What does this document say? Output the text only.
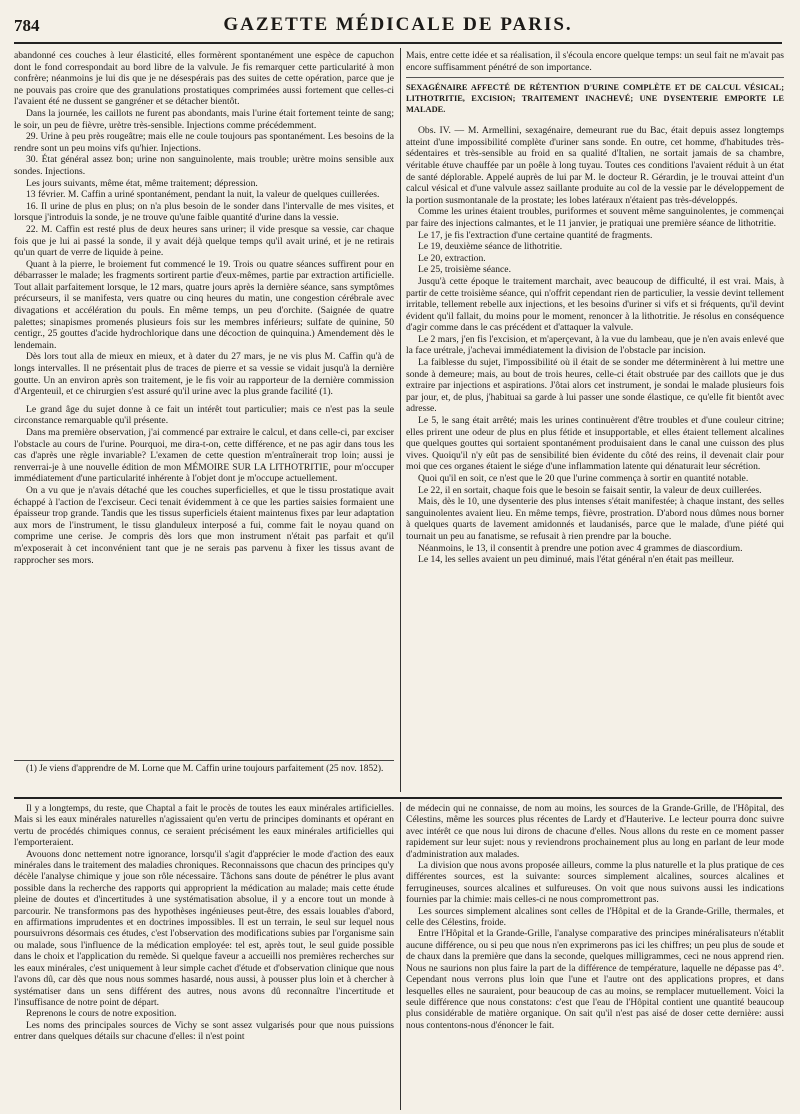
784	GAZETTE MÉDICALE DE PARIS.

abandonné ces couches à leur élasticité, elles formèrent spontanément une espèce de capuchon dont le fond correspondait au bord libre de la valvule. Je fis remarquer cette particularité à mon confrère; néanmoins je lui dis que je ne désespérais pas des suites de cette opération, parce que je ne pouvais pas croire que des granulations prostatiques comprimées aussi fortement que celles-ci l'avaient été ne dussent se gangréner et se détacher bientôt.

Dans la journée, les caillots ne furent pas abondants, mais l'urine était fortement teinte de sang; le soir, un peu de fièvre, urètre très-sensible. Injections comme précédemment.

29. Urine à peu près rougeâtre; mais elle ne coule toujours pas spontanément. Les besoins de la rendre sont un peu moins vifs qu'hier. Injections.

30. État général assez bon; urine non sanguinolente, mais trouble; urètre moins sensible aux sondes. Injections.

Les jours suivants, même état, même traitement; dépression.

13 février. M. Caffin a uriné spontanément, pendant la nuit, la valeur de quelques cuillerées.

16. Il urine de plus en plus; on n'a plus besoin de le sonder dans l'intervalle de mes visites, et lorsque j'introduis la sonde, je ne trouve qu'une faible quantité d'urine dans la vessie.

22. M. Caffin est resté plus de deux heures sans uriner; il vide presque sa vessie, car chaque fois que je lui ai passé la sonde, il y avait déjà quelque temps qu'il avait uriné, et je ne retirais qu'un quart de verre de liquide à peine.

Quant à la pierre, le broiement fut commencé le 19. Trois ou quatre séances suffirent pour en débarrasser le malade; les fragments sortirent partie d'eux-mêmes, partie par extraction artificielle. Tout allait parfaitement lorsque, le 12 mars, quatre jours après la dernière séance, sans symptômes précurseurs, il se manifesta, vers quatre ou cinq heures du matin, une congestion cérébrale avec divagations et accélération du pouls. En même temps, un peu d'orchite. (Saignée de quatre palettes; sinapismes promenés plusieurs fois sur les membres inférieurs; sulfate de quinine, 50 centigr., 25 gouttes d'acide hydrochlorique dans une décoction de quinquina.) Amendement dès le lendemain.

Dès lors tout alla de mieux en mieux, et à dater du 27 mars, je ne vis plus M. Caffin qu'à de longs intervalles. Il ne présentait plus de traces de pierre et sa vessie se vidait jusqu'à la dernière goutte. Un an environ après son traitement, je le fis voir au rapporteur de la dernière commission d'Argenteuil, et ce chirurgien s'est assuré qu'il urine avec la plus grande facilité (1).

Le grand âge du sujet donne à ce fait un intérêt tout particulier; mais ce n'est pas la seule circonstance remarquable qu'il présente.

Dans ma première observation, j'ai commencé par extraire le calcul, et dans celle-ci, par exciser l'obstacle au cours de l'urine. Pourquoi, me dira-t-on, cette différence, et ne pas agir dans tous les cas d'après une règle invariable? L'examen de cette question m'entraînerait trop loin; aussi je renverrai-je à une nouvelle édition de mon MÉMOIRE SUR LA LITHOTRITIE, pour m'occuper immédiatement d'une particularité inhérente à l'objet dont je m'occupe actuellement.

On a vu que je n'avais détaché que les couches superficielles, et que le tissu prostatique avait échappé à l'action de l'exciseur. Ceci tenait évidemment à ce que les parties saisies formaient une épaisseur trop grande. Tandis que les tissus superficiels étaient maintenus fixes par leur adaptation aux mors de l'instrument, le tissu glanduleux interposé a fui, comme fait le noyau quand on comprime une cerise. Je compris dès lors que mon instrument n'était pas parfait et qu'il m'exposerait à cet inconvénient tant que je ne serais pas parvenu à fixer les tissus avant de rapprocher ses mors.

(1) Je viens d'apprendre de M. Lorne que M. Caffin urine toujours parfaitement (25 nov. 1852).

Mais, entre cette idée et sa réalisation, il s'écoula encore quelque temps: un seul fait ne m'avait pas encore suffisamment pénétré de son importance.

SEXAGÉNAIRE AFFECTÉ DE RÉTENTION D'URINE COMPLÈTE ET DE CALCUL VÉSICAL; LITHOTRITIE, EXCISION; TRAITEMENT INACHEVÉ; UNE DYSENTERIE EMPORTE LE MALADE.

Obs. IV. — M. Armellini, sexagénaire, demeurant rue du Bac, était depuis assez longtemps atteint d'une impossibilité complète d'uriner sans sonde. En outre, cet homme, d'habitudes très-sédentaires et très-sensible au froid en sa qualité d'Italien, ne sortait jamais de sa chambre, véritable étuve chauffée par un poêle à long tuyau. Toutes ces conditions l'avaient réduit à un état de santé déplorable. Appelé auprès de lui par M. le docteur R. Gérardin, je le trouvai atteint d'un calcul vésical et d'une valvule assez saillante produite au col de la vessie par le développement de la portion susmontanale de la prostate; les lobes latéraux n'étaient pas très-développés.

Comme les urines étaient troubles, puriformes et souvent même sanguinolentes, je commençai par faire des injections calmantes, et le 11 janvier, je pratiquai une première séance de lithotritie.

Le 17, je fis l'extraction d'une certaine quantité de fragments.

Le 19, deuxième séance de lithotritie.

Le 20, extraction.

Le 25, troisième séance.

Jusqu'à cette époque le traitement marchait, avec beaucoup de difficulté, il est vrai. Mais, à partir de cette troisième séance, qui n'offrit cependant rien de particulier, la vessie devint tellement irritable, tellement rebelle aux injections, et les besoins d'uriner si vifs et si fréquents, qu'il devint évident qu'il fallait, du moins pour le moment, renoncer à la lithotritie. Je résolus en conséquence d'agir comme dans le cas précédent et d'attaquer la valvule.

Le 2 mars, j'en fis l'excision, et m'aperçevant, à la vue du lambeau, que je n'en avais enlevé que la face urétrale, j'achevai immédiatement la division de l'obstacle par incision.

La faiblesse du sujet, l'impossibilité où il était de se sonder me déterminèrent à lui mettre une sonde à demeure; mais, au bout de trois heures, celle-ci était obstruée par des caillots que je dus extraire par injections et aspirations. J'ôtai alors cet instrument, je sondai le malade plusieurs fois par jour, et, de plus, j'habituai sa garde à lui passer une sonde élastique, ce qu'elle fit bientôt avec adresse.

Le 5, le sang était arrêté; mais les urines continuèrent d'être troubles et d'une couleur citrine; elles prirent une odeur de plus en plus fétide et insupportable, et elles étaient tellement alcalines que quelques gouttes qui sortaient spontanément produisaient dans le canal une cuisson des plus vives. Quoiqu'il n'y eût pas de sensibilité bien évidente du côté des reins, il devenait clair pour moi que ces organes étaient le siége d'une inflammation latente qui dénaturait leur sécrétion.

Quoi qu'il en soit, ce n'est que le 20 que l'urine commença à sortir en quantité notable.

Le 22, il en sortait, chaque fois que le besoin se faisait sentir, la valeur de deux cuillerées.

Mais, dès le 10, une dysenterie des plus intenses s'était manifestée; à chaque instant, des selles sanguinolentes avaient lieu. En même temps, fièvre, prostration. D'abord nous dûmes nous borner à quelques quarts de lavement amidonnés et laudanisés, parce que le malade, d'une piété qui tournait un peu au fanatisme, se refusait à rien prendre par la bouche.

Néanmoins, le 13, il consentit à prendre une potion avec 4 grammes de diascordium.

Le 14, les selles avaient un peu diminué, mais l'état général n'en était pas meilleur.

Il y a longtemps, du reste, que Chaptal a fait le procès de toutes les eaux minérales artificielles. Mais si les eaux minérales naturelles n'agissaient qu'en vertu de principes dominants et opérant en vertu de procédés chimiques connus, ce seraient précisément les eaux minérales artificielles qui l'emporteraient.

Avouons donc nettement notre ignorance, lorsqu'il s'agit d'apprécier le mode d'action des eaux minérales dans le traitement des maladies chroniques. Reconnaissons que chacun des principes qu'y décèle l'analyse chimique y joue son rôle nécessaire. Tâchons sans doute de pénétrer le plus avant possible dans la recherche des rapports qui approprient la médication au malade; mais cette étude pleine de doutes et d'incertitudes à une systématisation absolue, il y a encore tout un monde à parcourir. Ne transformons pas des hypothèses ingénieuses peut-être, des essais louables d'abord, en affirmations imprudentes et en doctrines impossibles. Il est un terrain, le seul sur lequel nous poursuivrons désormais ces études, c'est l'observation des modifications subies par l'organisme sain ou malade, sous l'influence de la médication employée: tel est, après tout, le seul guide possible dans le choix et l'application du remède. Si quelque faveur a accueilli nos premières recherches sur les eaux minérales, c'est uniquement à leur simple cachet d'étude et d'observation clinique que nous l'avons dû, car dès que nous nous sommes hasardé, nous aussi, à pousser plus loin et à chercher à systématiser dans un sens différent des autres, nous avons dû reconnaître l'incertitude et l'insuffisance de notre point de départ.

Reprenons le cours de notre exposition.

Les noms des principales sources de Vichy se sont assez vulgarisés pour que nous puissions entrer dans quelques détails sur chacune d'elles: il n'est point

de médecin qui ne connaisse, de nom au moins, les sources de la Grande-Grille, de l'Hôpital, des Célestins, même les sources plus récentes de Lardy et d'Hauterive. Le lecteur pourra donc suivre avec intérêt ce que nous lui dirons de chacune d'elles. Nous allons du reste en ce moment passer rapidement sur leur sujet: nous y reviendrons prochainement plus au long en parlant de leur mode d'administration aux malades.

La division que nous avons proposée ailleurs, comme la plus naturelle et la plus pratique de ces différentes sources, est la suivante: sources simplement alcalines, sources alcalines et ferrugineuses, sources alcalines et sulfureuses. On voit que nous suivons aussi les indications fournies par la chimie: mais celles-ci ne nous compromettront pas.

Les sources simplement alcalines sont celles de l'Hôpital et de la Grande-Grille, thermales, et celle des Célestins, froide.

Entre l'Hôpital et la Grande-Grille, l'analyse comparative des principes minéralisateurs n'établit aucune différence, ou si peu que nous n'en exprimerons pas ici les chiffres; un peu plus de soude et de chaux dans la première que dans la seconde, quelques milligrammes, ceci ne nous apprend rien. Nous ne saurions non plus faire la part de la différence de température, laquelle ne dépasse pas 4°. Cependant nous verrons plus loin que l'une et l'autre ont des applications propres, et dans lesquelles elles ne sauraient, pour beaucoup de cas au moins, se remplacer mutuellement. Voici la seule différence que nous constatons: c'est que l'eau de l'Hôpital contient une quantité beaucoup plus considérable de matière organique. On sait qu'il n'est pas aisé de doser cette dernière: aussi nous contentons-nous d'énoncer le fait.
